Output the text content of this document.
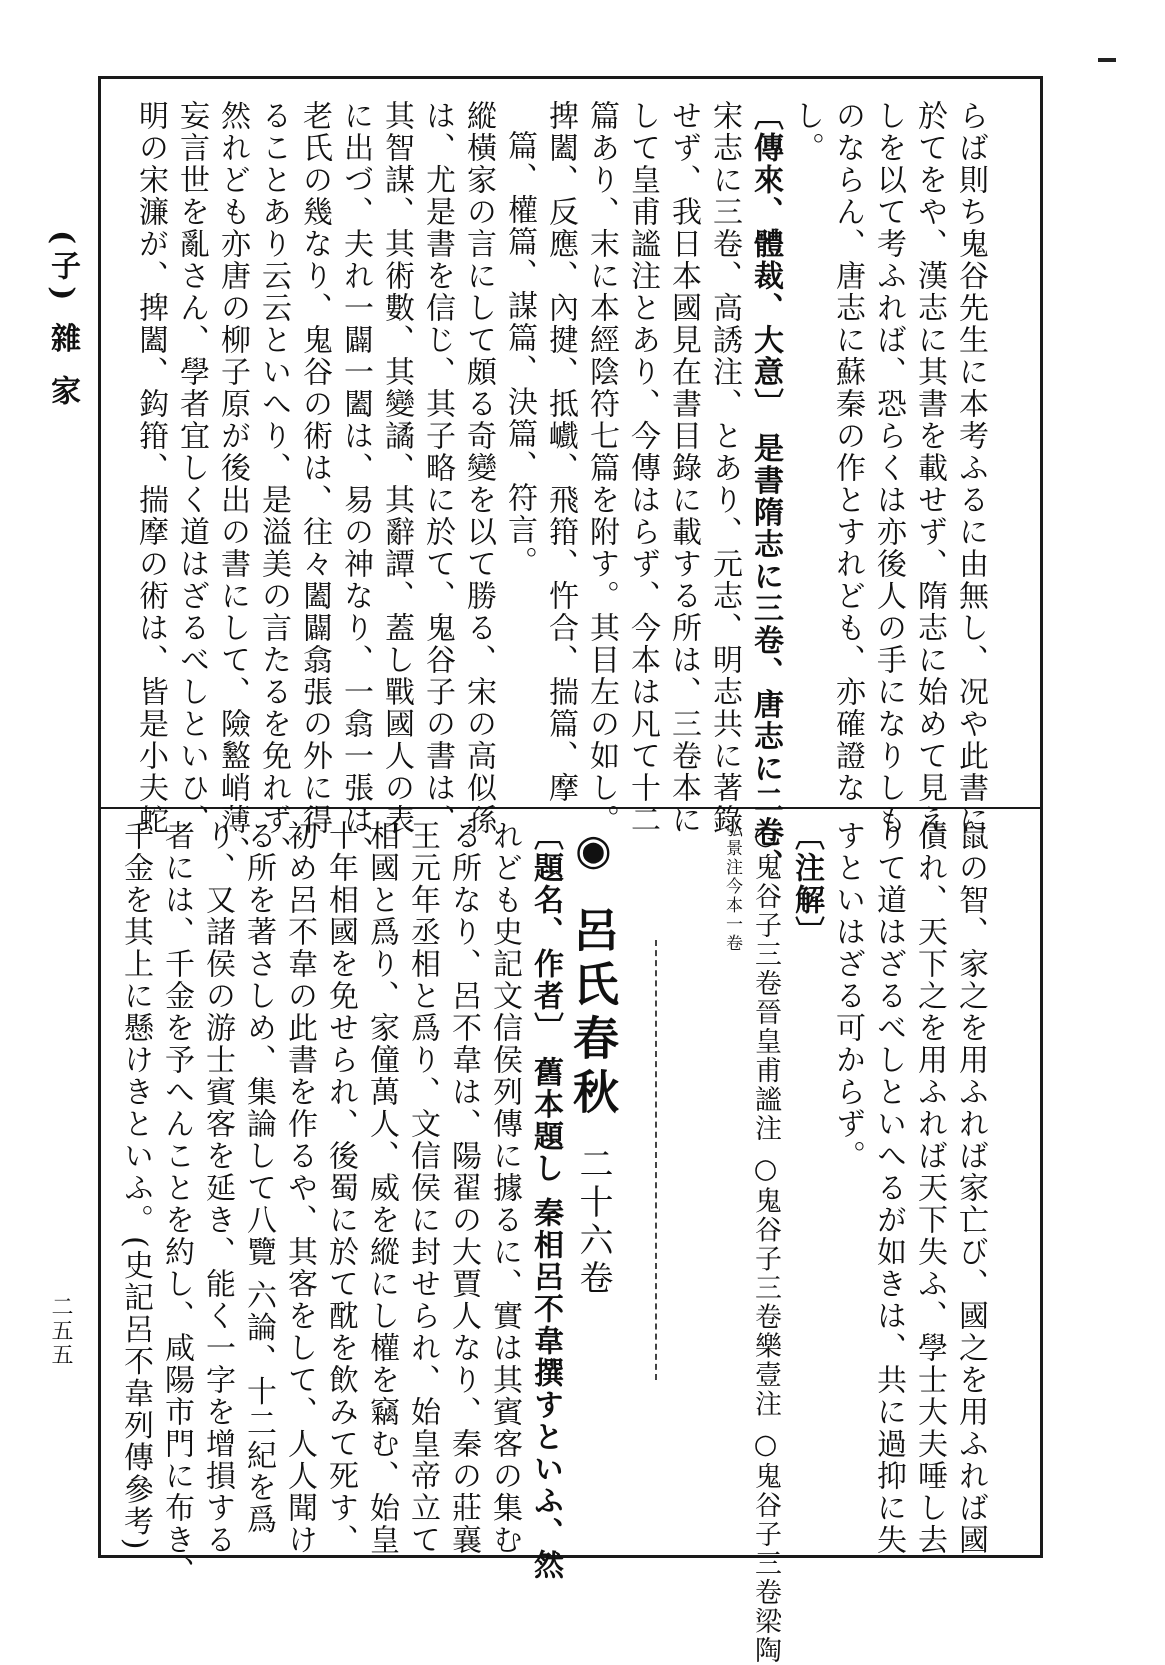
(子) 雜 家
二五五
らば則ち鬼谷先生に本考ふるに由無し、况や此書に
於てをや、漢志に其書を載せず、隋志に始めて見え
しを以て考ふれば、恐らくは亦後人の手になりしも
のならん、唐志に蘇秦の作とすれども、亦確證な
し。
〔傳來、體裁、大意〕 是書隋志に三卷、唐志に二卷、
宋志に三卷、高誘注、とあり、元志、明志共に著錄
せず、我日本國見在書目錄に載する所は、三卷本に
して皇甫謐注とあり、今傳はらず、今本は凡て十二
篇あり、末に本經陰符七篇を附す。其目左の如し。
捭闔、反應、內揵、抵巇、飛箝、忤合、揣篇、摩
篇、權篇、謀篇、決篇、符言。
縱橫家の言にして頗る奇變を以て勝る、宋の高似孫
は、尤是書を信じ、其子略に於て、鬼谷子の書は、
其智謀、其術數、其變譎、其辭譚、蓋し戰國人の表
に出づ、夫れ一闢一闔は、易の神なり、一翕一張は、
老氏の幾なり、鬼谷の術は、往々闔闢翕張の外に得
ることあり云云といへり、是溢美の言たるを免れず、
然れども亦唐の柳子原が後出の書にして、險盭峭薄、
妄言世を亂さん、學者宜しく道はざるべしといひ、
明の宋濂が、捭闔、鈎箝、揣摩の術は、皆是小夫蛇
鼠の智、家之を用ふれば家亡び、國之を用ふれば國
債れ、天下之を用ふれば天下失ふ、學士大夫唾し去
りて道はざるべしといへるが如きは、共に過抑に失
すといはざる可からず。
〔注解〕
○鬼谷子三卷晉皇甫謐注 ○鬼谷子三卷樂壹注 ○鬼谷子三卷梁陶
弘景注今本一卷
◉ 呂氏春秋 二十六卷
〔題名、作者〕 舊本題し 秦相呂不韋撰すといふ、然
れども史記文信侯列傳に據るに、實は其賓客の集む
る所なり、呂不韋は、陽翟の大賈人なり、秦の莊襄
王元年丞相と爲り、文信侯に封せられ、始皇帝立て
相國と爲り、家僮萬人、威を縱にし權を竊む、始皇
十年相國を免せられ、後蜀に於て酖を飲みて死す、
初め呂不韋の此書を作るや、其客をして、人人聞け
る所を著さしめ、集論して八覽 六論、十二紀を爲
り、又諸侯の游士賓客を延き、能く一字を增損する
者には、千金を予へんことを約し、咸陽市門に布き、
千金を其上に懸けきといふ。(史記呂不韋列傳參考)
